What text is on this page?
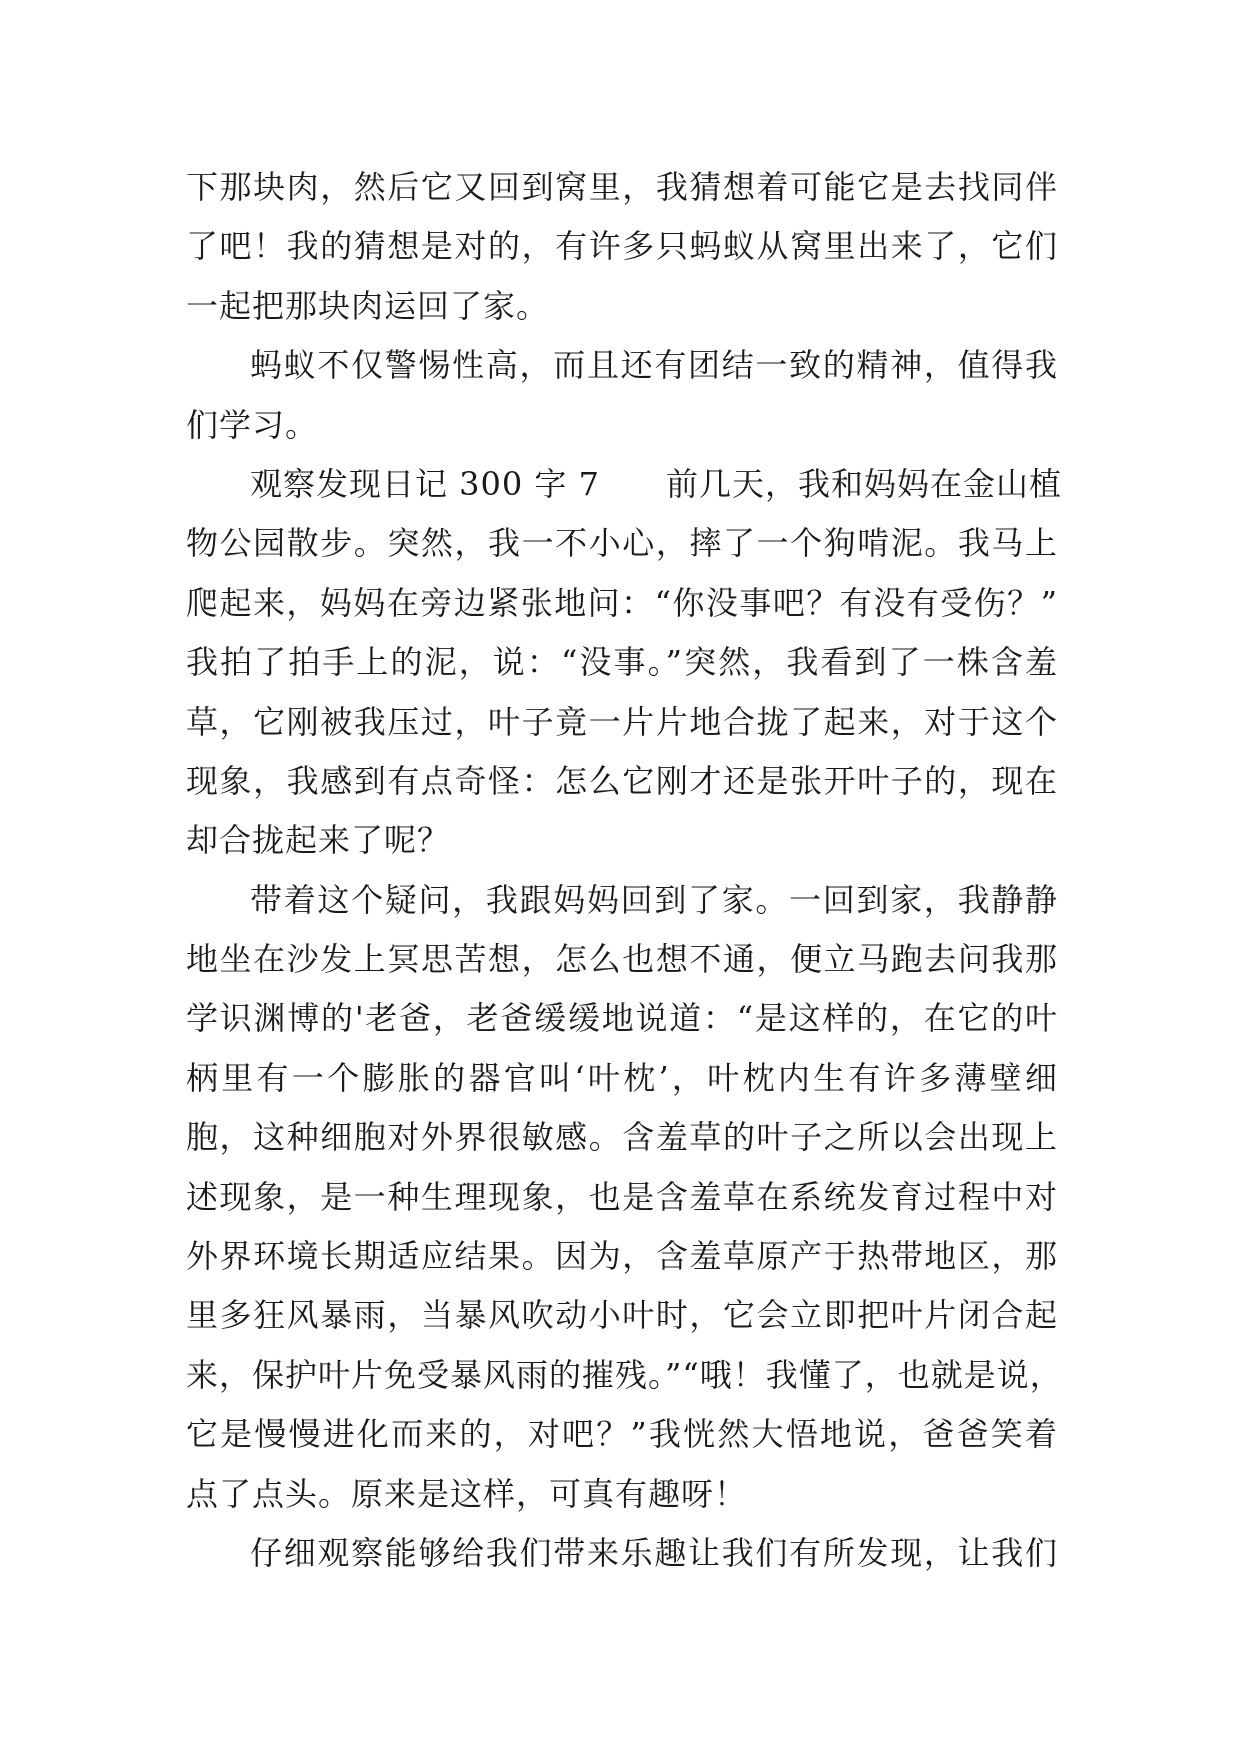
下那块肉，然后它又回到窝里，我猜想着可能它是去找同伴
了吧！我的猜想是对的，有许多只蚂蚁从窝里出来了，它们
一起把那块肉运回了家。
蚂蚁不仅警惕性高，而且还有团结一致的精神，值得我
们学习。
观察发现日记 300 字 7　　前几天，我和妈妈在金山植
物公园散步。突然，我一不小心，摔了一个狗啃泥。我马上
爬起来，妈妈在旁边紧张地问：“你没事吧？有没有受伤？”
我拍了拍手上的泥，说：“没事。”突然，我看到了一株含羞
草，它刚被我压过，叶子竟一片片地合拢了起来，对于这个
现象，我感到有点奇怪：怎么它刚才还是张开叶子的，现在
却合拢起来了呢？
带着这个疑问，我跟妈妈回到了家。一回到家，我静静
地坐在沙发上冥思苦想，怎么也想不通，便立马跑去问我那
学识渊博的'老爸，老爸缓缓地说道：“是这样的，在它的叶
柄里有一个膨胀的器官叫‘叶枕’，叶枕内生有许多薄壁细
胞，这种细胞对外界很敏感。含羞草的叶子之所以会出现上
述现象，是一种生理现象，也是含羞草在系统发育过程中对
外界环境长期适应结果。因为，含羞草原产于热带地区，那
里多狂风暴雨，当暴风吹动小叶时，它会立即把叶片闭合起
来，保护叶片免受暴风雨的摧残。”“哦！我懂了，也就是说，
它是慢慢进化而来的，对吧？”我恍然大悟地说，爸爸笑着
点了点头。原来是这样，可真有趣呀！
仔细观察能够给我们带来乐趣让我们有所发现，让我们
